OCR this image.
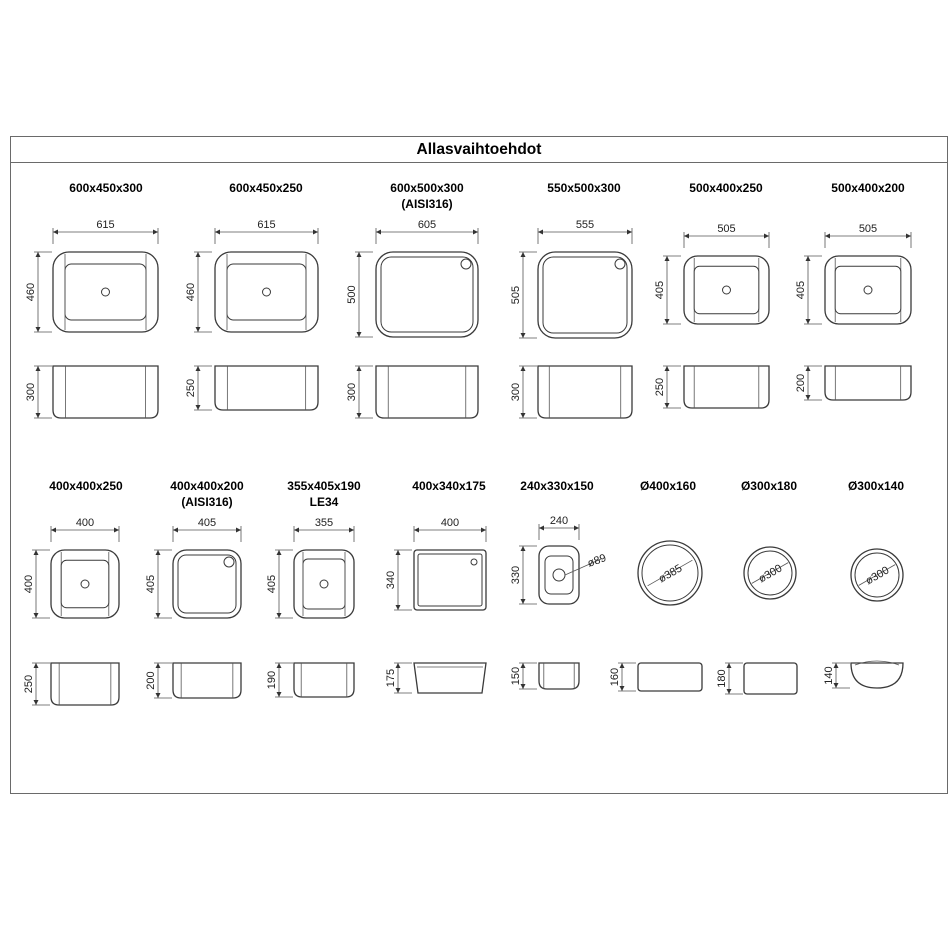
Allasvaihtoehdot
600x450x300
615
460
300
600x450x250
615
460
250
600x500x300
(AISI316)
605
500
300
550x500x300
555
505
300
500x400x250
505
405
250
500x400x200
505
405
200
400x400x250
400
400
250
400x400x200
(AISI316)
405
405
200
355x405x190
LE34
355
405
190
400x340x175
400
340
175
240x330x150
ø89
240
330
150
Ø400x160
ø385
160
Ø300x180
ø300
180
Ø300x140
ø300
140
